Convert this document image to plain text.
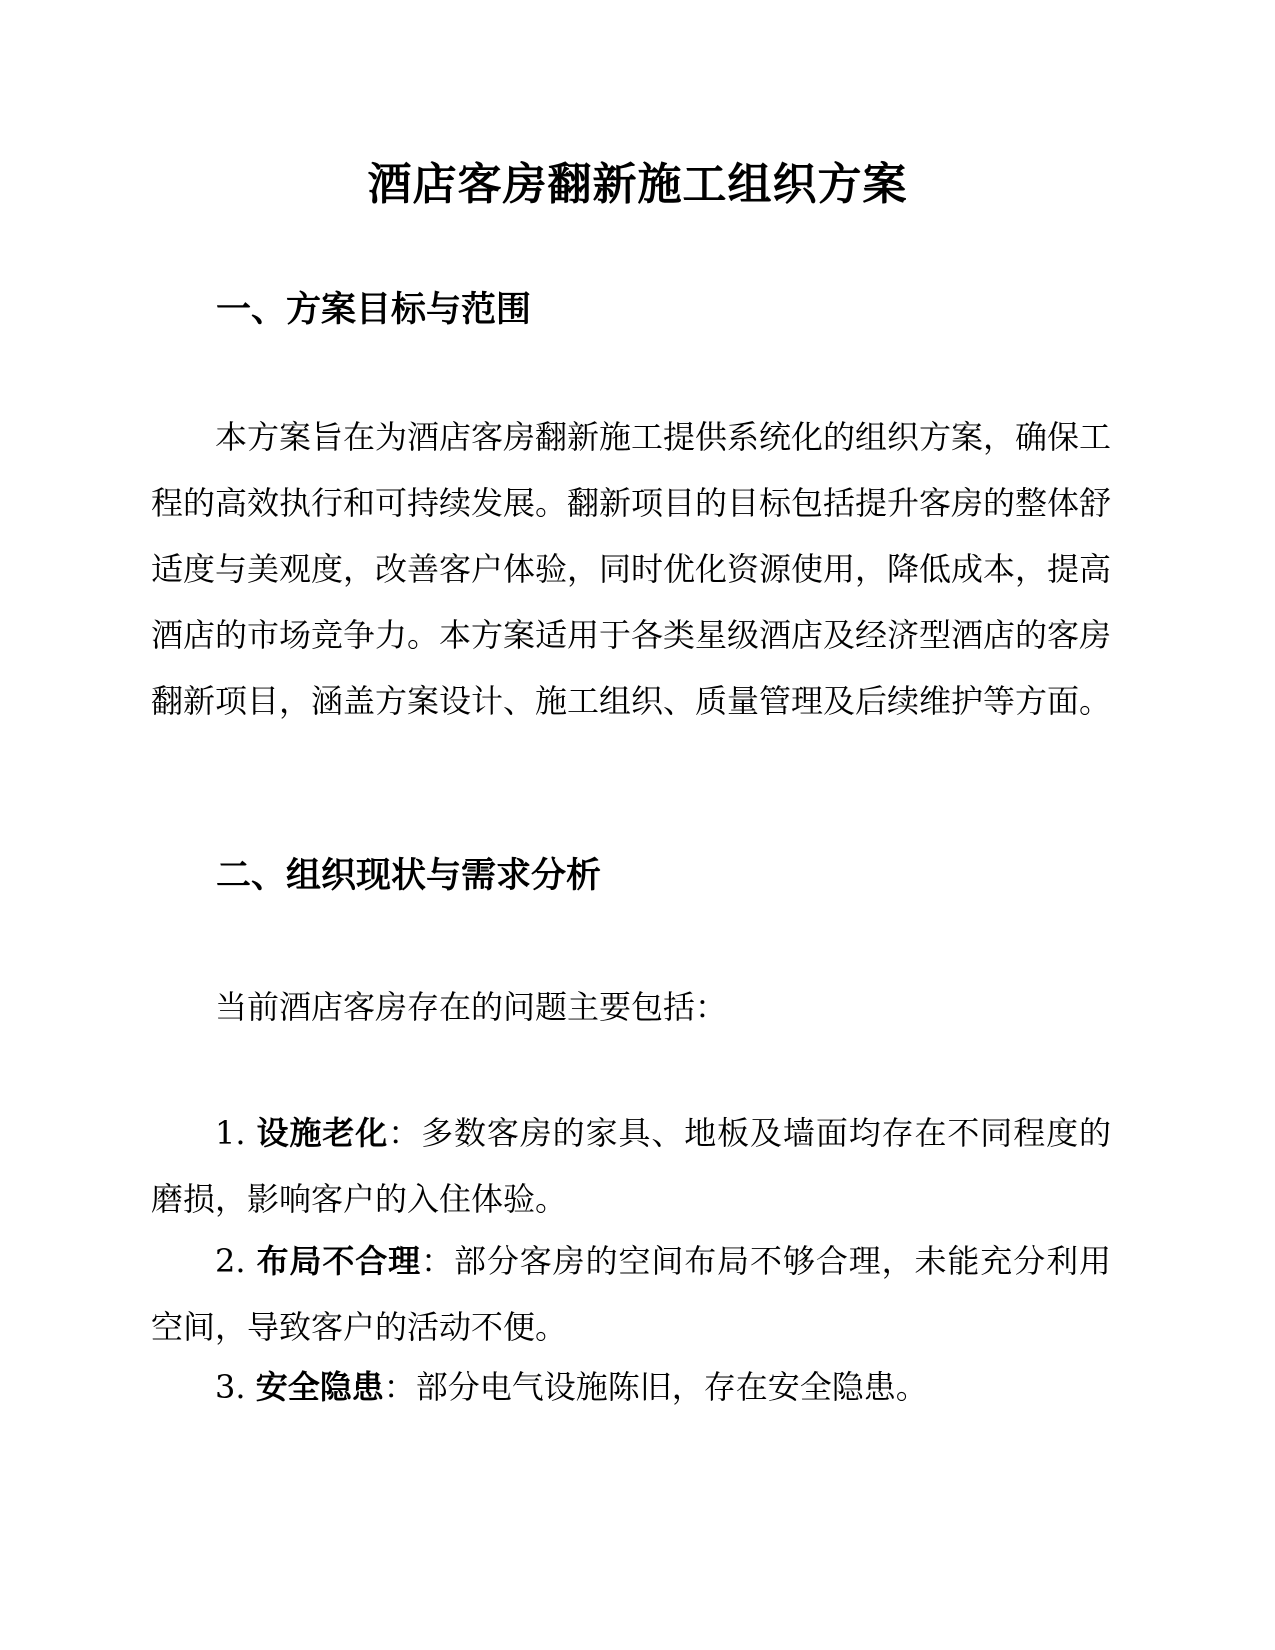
酒店客房翻新施工组织方案
一、方案目标与范围

本方案旨在为酒店客房翻新施工提供系统化的组织方案，确保工程的高效执行和可持续发展。翻新项目的目标包括提升客房的整体舒适度与美观度，改善客户体验，同时优化资源使用，降低成本，提高酒店的市场竞争力。本方案适用于各类星级酒店及经济型酒店的客房翻新项目，涵盖方案设计、施工组织、质量管理及后续维护等方面。

二、组织现状与需求分析

当前酒店客房存在的问题主要包括：

1. 设施老化：多数客房的家具、地板及墙面均存在不同程度的磨损，影响客户的入住体验。

2. 布局不合理：部分客房的空间布局不够合理，未能充分利用空间，导致客户的活动不便。

3. 安全隐患：部分电气设施陈旧，存在安全隐患。
